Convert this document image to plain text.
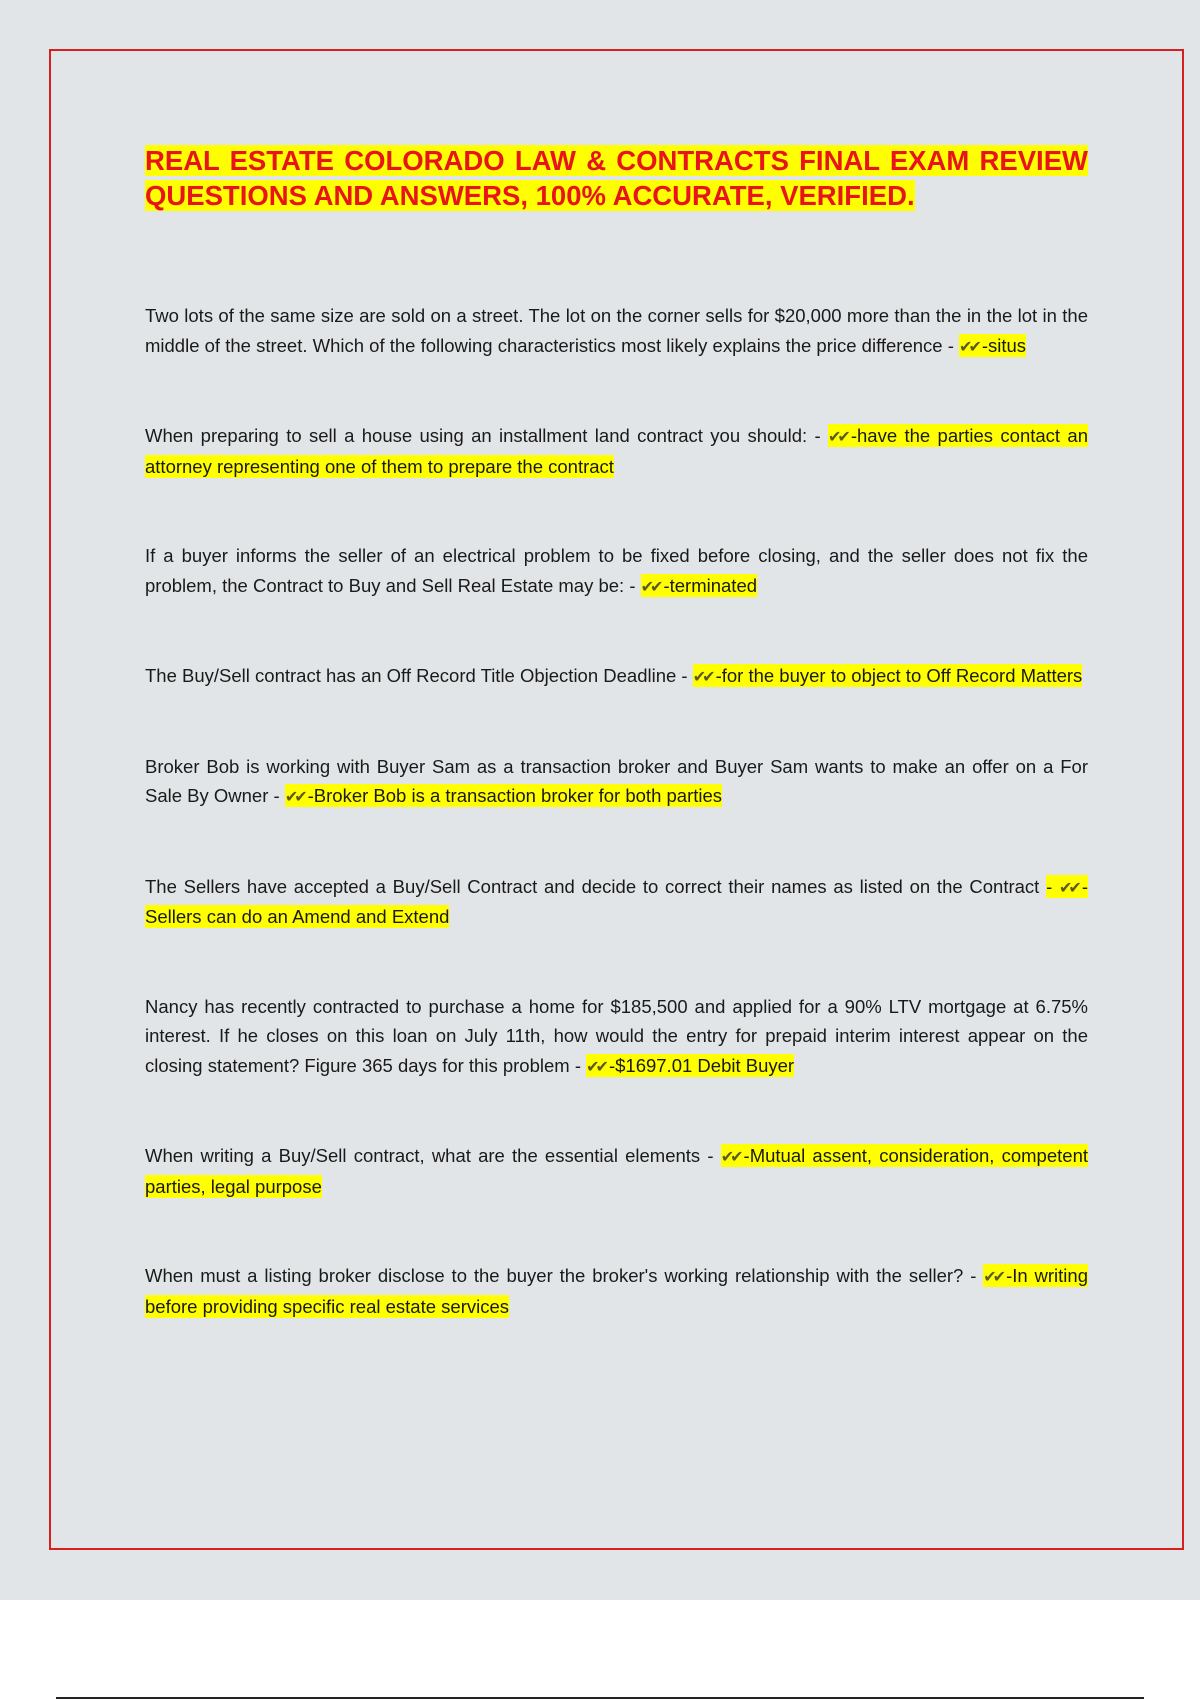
REAL ESTATE COLORADO LAW & CONTRACTS FINAL EXAM REVIEW QUESTIONS AND ANSWERS, 100% ACCURATE, VERIFIED.

Two lots of the same size are sold on a street. The lot on the corner sells for $20,000 more than the in the lot in the middle of the street. Which of the following characteristics most likely explains the price difference - ✔✔ -situs

When preparing to sell a house using an installment land contract you should: - ✔✔ -have the parties contact an attorney representing one of them to prepare the contract

If a buyer informs the seller of an electrical problem to be fixed before closing, and the seller does not fix the problem, the Contract to Buy and Sell Real Estate may be: - ✔✔ -terminated

The Buy/Sell contract has an Off Record Title Objection Deadline - ✔✔ -for the buyer to object to Off Record Matters

Broker Bob is working with Buyer Sam as a transaction broker and Buyer Sam wants to make an offer on a For Sale By Owner - ✔✔ -Broker Bob is a transaction broker for both parties

The Sellers have accepted a Buy/Sell Contract and decide to correct their names as listed on the Contract - ✔✔ -Sellers can do an Amend and Extend

Nancy has recently contracted to purchase a home for $185,500 and applied for a 90% LTV mortgage at 6.75% interest. If he closes on this loan on July 11th, how would the entry for prepaid interim interest appear on the closing statement? Figure 365 days for this problem - ✔✔ -$1697.01 Debit Buyer

When writing a Buy/Sell contract, what are the essential elements - ✔✔ -Mutual assent, consideration, competent parties, legal purpose

When must a listing broker disclose to the buyer the broker's working relationship with the seller? - ✔✔ -In writing before providing specific real estate services
